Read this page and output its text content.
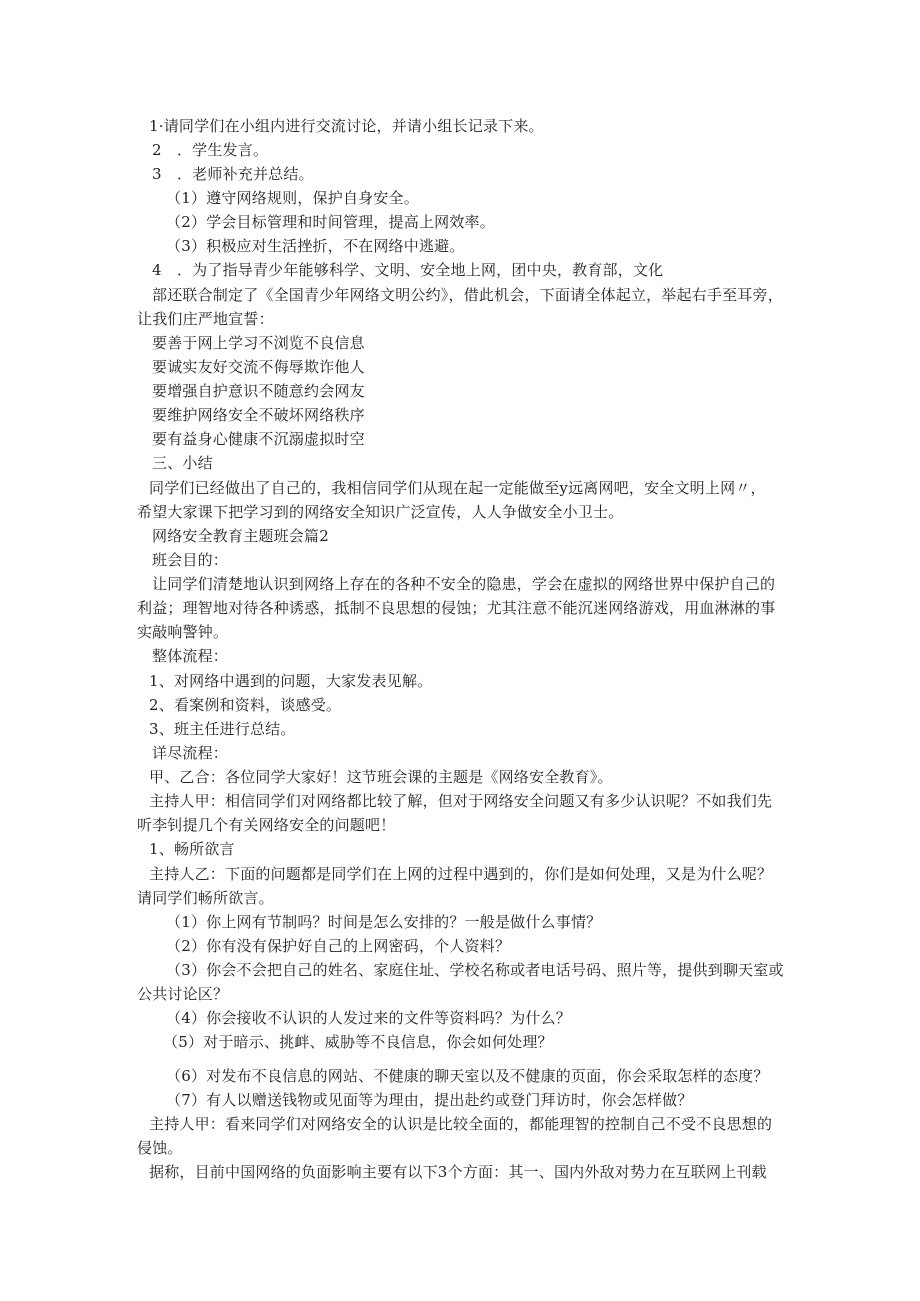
1·请同学们在小组内进行交流讨论，并请小组长记录下来。
2　．学生发言。
3　．老师补充并总结。
（1）遵守网络规则，保护自身安全。
（2）学会目标管理和时间管理，提高上网效率。
（3）积极应对生活挫折，不在网络中逃避。
4　．为了指导青少年能够科学、文明、安全地上网，团中央，教育部，文化
部还联合制定了《全国青少年网络文明公约》，借此机会，下面请全体起立，举起右手至耳旁，
让我们庄严地宣誓：
要善于网上学习不浏览不良信息
要诚实友好交流不侮辱欺诈他人
要增强自护意识不随意约会网友
要维护网络安全不破坏网络秩序
要有益身心健康不沉溺虚拟时空
三、小结
同学们已经做出了自己的，我相信同学们从现在起一定能做至y远离网吧，安全文明上网〃，
希望大家课下把学习到的网络安全知识广泛宣传，人人争做安全小卫士。
网络安全教育主题班会篇2
班会目的：
让同学们清楚地认识到网络上存在的各种不安全的隐患，学会在虚拟的网络世界中保护自己的
利益；理智地对待各种诱惑，抵制不良思想的侵蚀；尤其注意不能沉迷网络游戏，用血淋淋的事
实敲响警钟。
整体流程：
1、对网络中遇到的问题，大家发表见解。
2、看案例和资料，谈感受。
3、班主任进行总结。
详尽流程：
甲、乙合：各位同学大家好！这节班会课的主题是《网络安全教育》。
主持人甲：相信同学们对网络都比较了解，但对于网络安全问题又有多少认识呢？不如我们先
听李钊提几个有关网络安全的问题吧！
1、畅所欲言
主持人乙：下面的问题都是同学们在上网的过程中遇到的，你们是如何处理，又是为什么呢？
请同学们畅所欲言。
（1）你上网有节制吗？时间是怎么安排的？一般是做什么事情？
（2）你有没有保护好自己的上网密码，个人资料？
（3）你会不会把自己的姓名、家庭住址、学校名称或者电话号码、照片等，提供到聊天室或
公共讨论区？
（4）你会接收不认识的人发过来的文件等资料吗？为什么？
（5）对于暗示、挑衅、威胁等不良信息，你会如何处理？
（6）对发布不良信息的网站、不健康的聊天室以及不健康的页面，你会采取怎样的态度？
（7）有人以赠送钱物或见面等为理由，提出赴约或登门拜访时，你会怎样做？
主持人甲：看来同学们对网络安全的认识是比较全面的，都能理智的控制自己不受不良思想的
侵蚀。
据称，目前中国网络的负面影响主要有以下3个方面：其一、国内外敌对势力在互联网上刊载
